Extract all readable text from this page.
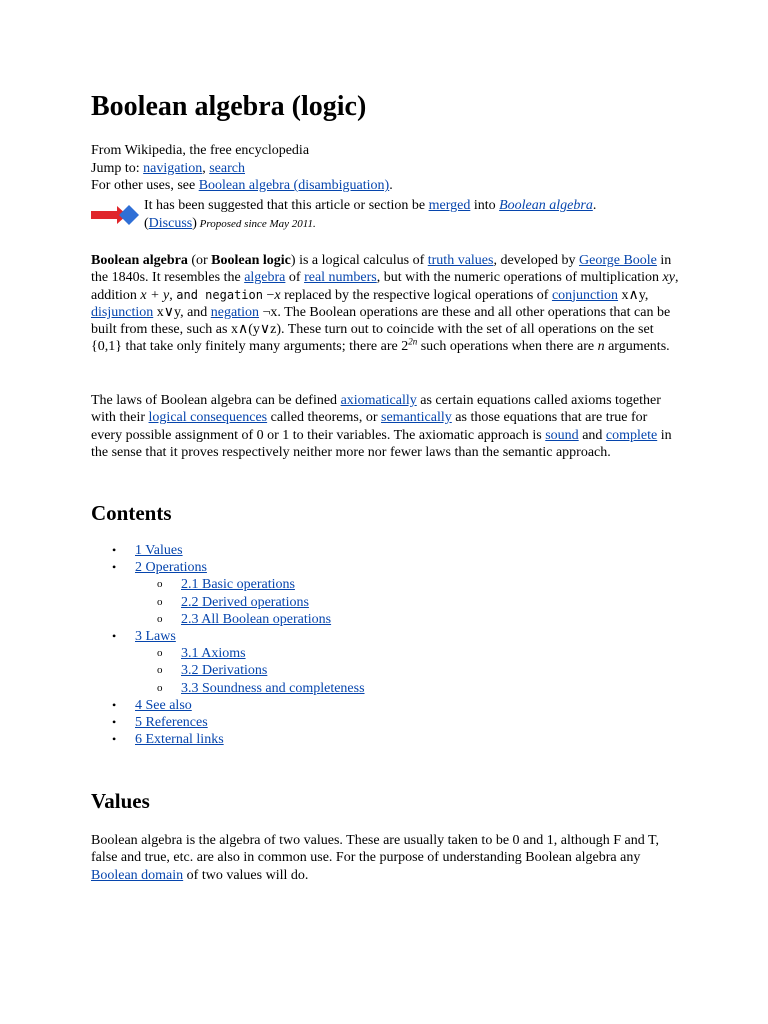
Boolean algebra (logic)
From Wikipedia, the free encyclopedia
Jump to: navigation, search
For other uses, see Boolean algebra (disambiguation).
It has been suggested that this article or section be merged into Boolean algebra.
(Discuss) Proposed since May 2011.

Boolean algebra (or Boolean logic) is a logical calculus of truth values, developed by George Boole in the 1840s. It resembles the algebra of real numbers, but with the numeric operations of multiplication xy, addition x + y, and negation −x replaced by the respective logical operations of conjunction x∧y, disjunction x∨y, and negation ¬x. The Boolean operations are these and all other operations that can be built from these, such as x∧(y∨z). These turn out to coincide with the set of all operations on the set {0,1} that take only finitely many arguments; there are $2^{2n}$ such operations when there are n arguments.

The laws of Boolean algebra can be defined axiomatically as certain equations called axioms together with their logical consequences called theorems, or semantically as those equations that are true for every possible assignment of 0 or 1 to their variables. The axiomatic approach is sound and complete in the sense that it proves respectively neither more nor fewer laws than the semantic approach.

Contents
• 1 Values
• 2 Operations
o 2.1 Basic operations
o 2.2 Derived operations
o 2.3 All Boolean operations
• 3 Laws
o 3.1 Axioms
o 3.2 Derivations
o 3.3 Soundness and completeness
• 4 See also
• 5 References
• 6 External links
Values

Boolean algebra is the algebra of two values. These are usually taken to be 0 and 1, although F and T, false and true, etc. are also in common use. For the purpose of understanding Boolean algebra any Boolean domain of two values will do.
